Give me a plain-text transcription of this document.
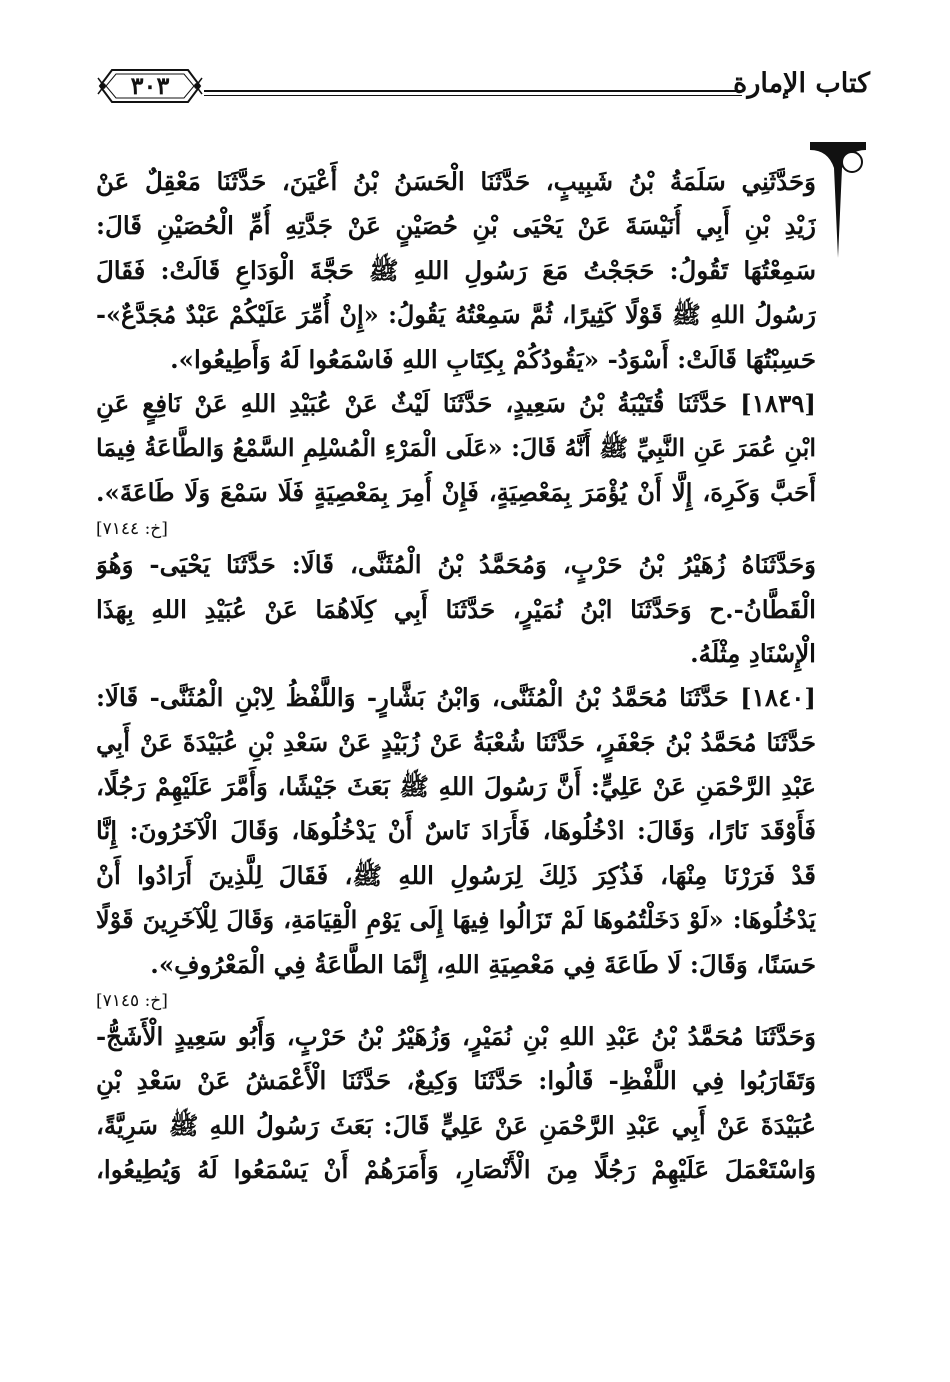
٣٠٣	كتاب الإمارة
وَحَدَّثَنِي سَلَمَةُ بْنُ شَبِيبٍ، حَدَّثَنَا الْحَسَنُ بْنُ أَعْيَنَ، حَدَّثَنَا مَعْقِلٌ عَنْ
زَيْدِ بْنِ أَبِي أُنَيْسَةَ عَنْ يَحْيَى بْنِ حُصَيْنٍ عَنْ جَدَّتِهِ أُمِّ الْحُصَيْنِ قَالَ:
سَمِعْتُهَا تَقُولُ: حَجَجْتُ مَعَ رَسُولِ اللهِ ﷺ حَجَّةَ الْوَدَاعِ قَالَتْ: فَقَالَ
رَسُولُ اللهِ ﷺ قَوْلًا كَثِيرًا، ثُمَّ سَمِعْتُهُ يَقُولُ: «إِنْ أُمِّرَ عَلَيْكُمْ عَبْدٌ مُجَدَّعٌ»-
حَسِبْتُهَا قَالَتْ: أَسْوَدُ- «يَقُودُكُمْ بِكِتَابِ اللهِ فَاسْمَعُوا لَهُ وَأَطِيعُوا».
[١٨٣٩] حَدَّثَنَا قُتَيْبَةُ بْنُ سَعِيدٍ، حَدَّثَنَا لَيْثٌ عَنْ عُبَيْدِ اللهِ عَنْ نَافِعٍ عَنِ
ابْنِ عُمَرَ عَنِ النَّبِيِّ ﷺ أَنَّهُ قَالَ: «عَلَى الْمَرْءِ الْمُسْلِمِ السَّمْعُ وَالطَّاعَةُ فِيمَا
أَحَبَّ وَكَرِهَ، إِلَّا أَنْ يُؤْمَرَ بِمَعْصِيَةٍ، فَإِنْ أُمِرَ بِمَعْصِيَةٍ فَلَا سَمْعَ وَلَا طَاعَةَ».
[خ: ٧١٤٤]
وَحَدَّثَنَاهُ زُهَيْرُ بْنُ حَرْبٍ، وَمُحَمَّدُ بْنُ الْمُثَنَّى، قَالَا: حَدَّثَنَا يَحْيَى- وَهُوَ
الْقَطَّانُ-.ح وَحَدَّثَنَا ابْنُ نُمَيْرٍ، حَدَّثَنَا أَبِي كِلَاهُمَا عَنْ عُبَيْدِ اللهِ بِهَذَا
الْإِسْنَادِ مِثْلَهُ.
[١٨٤٠] حَدَّثَنَا مُحَمَّدُ بْنُ الْمُثَنَّى، وَابْنُ بَشَّارٍ- وَاللَّفْظُ لِابْنِ الْمُثَنَّى- قَالَا:
حَدَّثَنَا مُحَمَّدُ بْنُ جَعْفَرٍ، حَدَّثَنَا شُعْبَةُ عَنْ زُبَيْدٍ عَنْ سَعْدِ بْنِ عُبَيْدَةَ عَنْ أَبِي
عَبْدِ الرَّحْمَنِ عَنْ عَلِيٍّ: أَنَّ رَسُولَ اللهِ ﷺ بَعَثَ جَيْشًا، وَأَمَّرَ عَلَيْهِمْ رَجُلًا،
فَأَوْقَدَ نَارًا، وَقَالَ: ادْخُلُوهَا، فَأَرَادَ نَاسٌ أَنْ يَدْخُلُوهَا، وَقَالَ الْآخَرُونَ: إِنَّا
قَدْ فَرَرْنَا مِنْهَا، فَذُكِرَ ذَلِكَ لِرَسُولِ اللهِ ﷺ، فَقَالَ لِلَّذِينَ أَرَادُوا أَنْ
يَدْخُلُوهَا: «لَوْ دَخَلْتُمُوهَا لَمْ تَزَالُوا فِيهَا إِلَى يَوْمِ الْقِيَامَةِ، وَقَالَ لِلْآخَرِينَ قَوْلًا
حَسَنًا، وَقَالَ: لَا طَاعَةَ فِي مَعْصِيَةِ اللهِ، إِنَّمَا الطَّاعَةُ فِي الْمَعْرُوفِ».
[خ: ٧١٤٥]
وَحَدَّثَنَا مُحَمَّدُ بْنُ عَبْدِ اللهِ بْنِ نُمَيْرٍ، وَزُهَيْرُ بْنُ حَرْبٍ، وَأَبُو سَعِيدٍ الْأَشَجُّ-
وَتَقَارَبُوا فِي اللَّفْظِ- قَالُوا: حَدَّثَنَا وَكِيعٌ، حَدَّثَنَا الْأَعْمَشُ عَنْ سَعْدِ بْنِ
عُبَيْدَةَ عَنْ أَبِي عَبْدِ الرَّحْمَنِ عَنْ عَلِيٍّ قَالَ: بَعَثَ رَسُولُ اللهِ ﷺ سَرِيَّةً،
وَاسْتَعْمَلَ عَلَيْهِمْ رَجُلًا مِنَ الْأَنْصَارِ، وَأَمَرَهُمْ أَنْ يَسْمَعُوا لَهُ وَيُطِيعُوا،
